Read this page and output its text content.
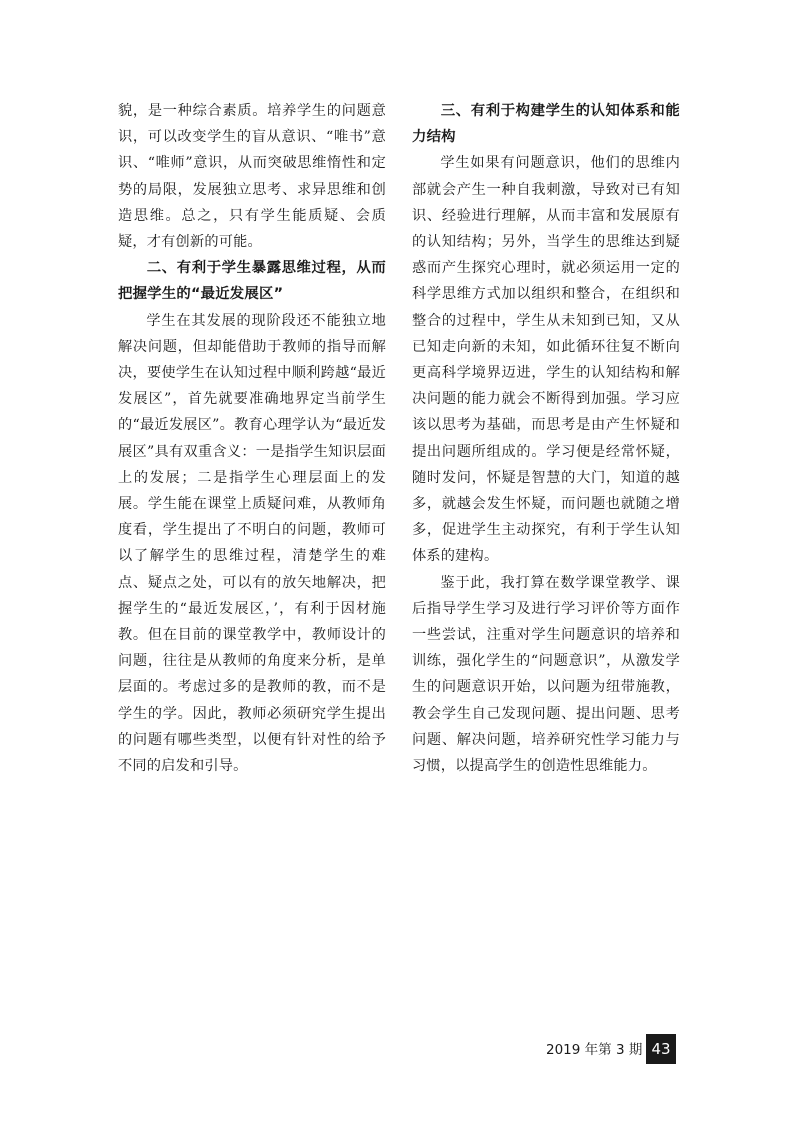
貌，是一种综合素质。培养学生的问题意识，可以改变学生的盲从意识、“唯书”意识、“唯师”意识，从而突破思维惰性和定势的局限，发展独立思考、求异思维和创造思维。总之，只有学生能质疑、会质疑，才有创新的可能。

二、有利于学生暴露思维过程，从而把握学生的“最近发展区”

学生在其发展的现阶段还不能独立地解决问题，但却能借助于教师的指导而解决，要使学生在认知过程中顺利跨越“最近发展区”，首先就要准确地界定当前学生的“最近发展区”。教育心理学认为“最近发展区”具有双重含义：一是指学生知识层面上的发展；二是指学生心理层面上的发展。学生能在课堂上质疑问难，从教师角度看，学生提出了不明白的问题，教师可以了解学生的思维过程，清楚学生的难点、疑点之处，可以有的放矢地解决，把握学生的“最近发展区，’，有利于因材施教。但在目前的课堂教学中，教师设计的问题，往往是从教师的角度来分析，是单层面的。考虑过多的是教师的教，而不是学生的学。因此，教师必须研究学生提出的问题有哪些类型，以便有针对性的给予不同的启发和引导。

三、有利于构建学生的认知体系和能力结构

学生如果有问题意识，他们的思维内部就会产生一种自我刺激，导致对已有知识、经验进行理解，从而丰富和发展原有的认知结构；另外，当学生的思维达到疑惑而产生探究心理时，就必须运用一定的科学思维方式加以组织和整合，在组织和整合的过程中，学生从未知到已知，又从已知走向新的未知，如此循环往复不断向更高科学境界迈进，学生的认知结构和解决问题的能力就会不断得到加强。学习应该以思考为基础，而思考是由产生怀疑和提出问题所组成的。学习便是经常怀疑，随时发问，怀疑是智慧的大门，知道的越多，就越会发生怀疑，而问题也就随之增多，促进学生主动探究，有利于学生认知体系的建构。

鉴于此，我打算在数学课堂教学、课后指导学生学习及进行学习评价等方面作一些尝试，注重对学生问题意识的培养和训练，强化学生的“问题意识”，从激发学生的问题意识开始，以问题为纽带施教，教会学生自己发现问题、提出问题、思考问题、解决问题，培养研究性学习能力与习惯，以提高学生的创造性思维能力。

2019 年第 3 期 43
